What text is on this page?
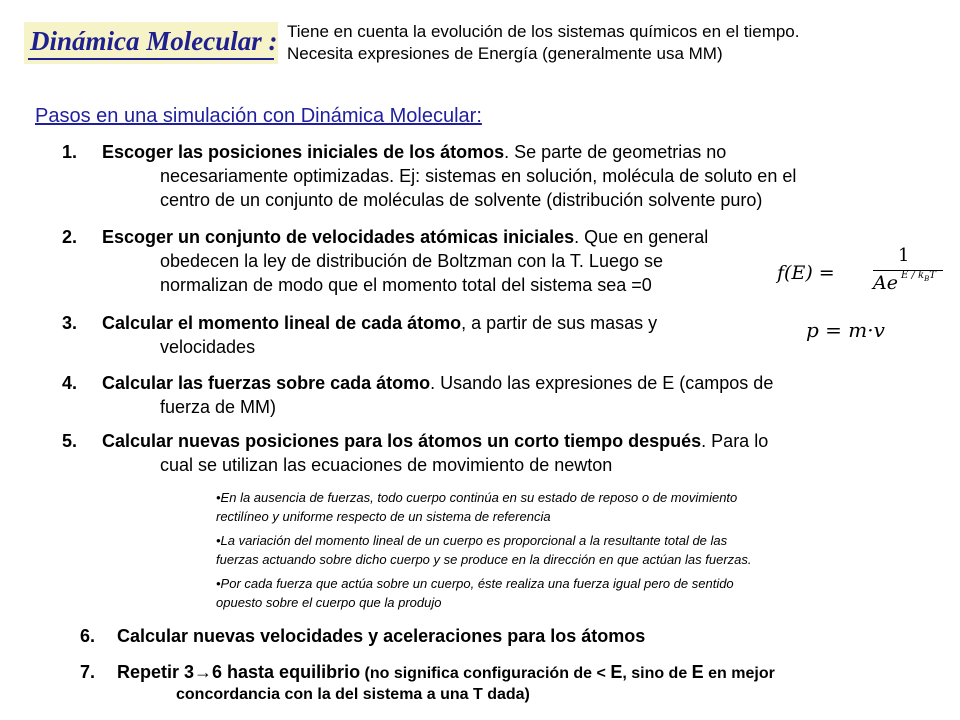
Dinámica Molecular : Tiene en cuenta la evolución de los sistemas químicos en el tiempo.
Necesita expresiones de Energía (generalmente usa MM)
Pasos en una simulación con Dinámica Molecular:
1. Escoger las posiciones iniciales de los átomos. Se parte de geometrias no
necesariamente optimizadas. Ej: sistemas en solución, molécula de soluto en el
centro de un conjunto de moléculas de solvente (distribución solvente puro)
2. Escoger un conjunto de velocidades atómicas iniciales. Que en general
obedecen la ley de distribución de Boltzman con la T. Luego se
normalizan de modo que el momento total del sistema sea =0
f(E) =
1
Ae E / $k_BT$
3. Calcular el momento lineal de cada átomo, a partir de sus masas y
velocidades
p = m·v
4. Calcular las fuerzas sobre cada átomo. Usando las expresiones de E (campos de
fuerza de MM)
5. Calcular nuevas posiciones para los átomos un corto tiempo después. Para lo
cual se utilizan las ecuaciones de movimiento de newton
•En la ausencia de fuerzas, todo cuerpo continúa en su estado de reposo o de movimiento
rectilíneo y uniforme respecto de un sistema de referencia
•La variación del momento lineal de un cuerpo es proporcional a la resultante total de las
fuerzas actuando sobre dicho cuerpo y se produce en la dirección en que actúan las fuerzas.
•Por cada fuerza que actúa sobre un cuerpo, éste realiza una fuerza igual pero de sentido
opuesto sobre el cuerpo que la produjo
6. Calcular nuevas velocidades y aceleraciones para los átomos
7. Repetir 3→6 hasta equilibrio (no significa configuración de < E, sino de E en mejor
concordancia con la del sistema a una T dada)
